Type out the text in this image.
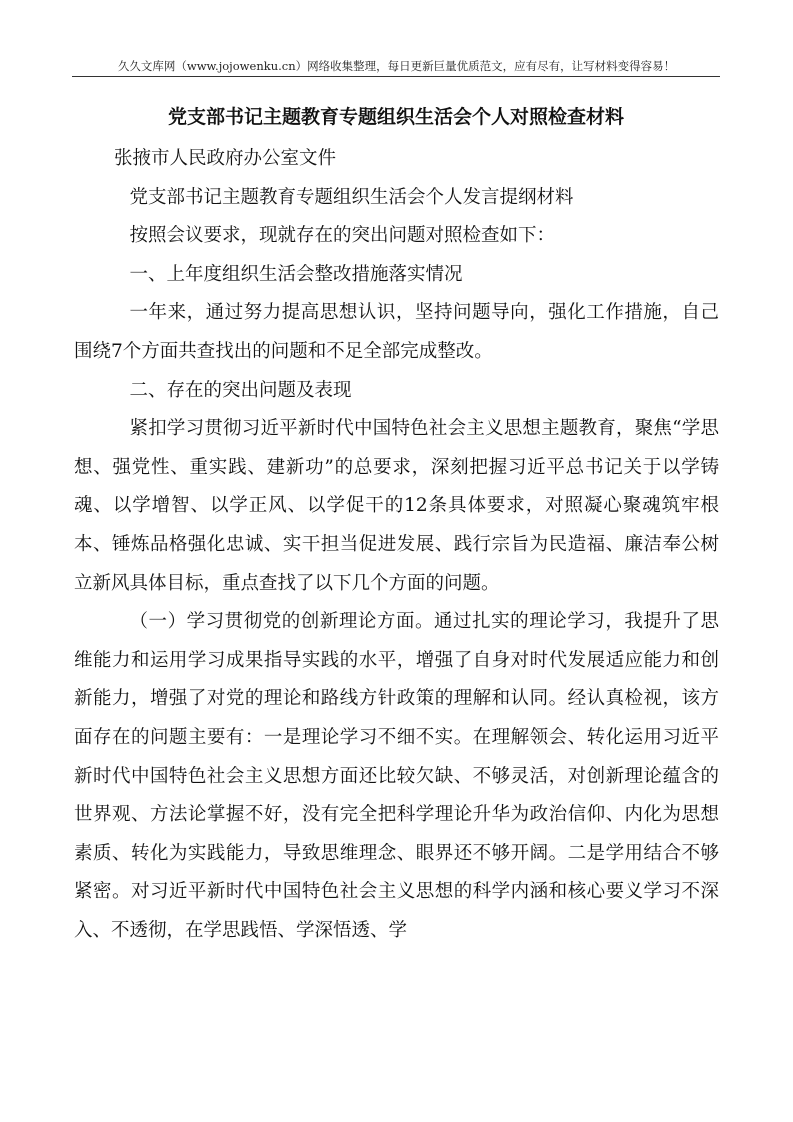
久久文库网（www.jojowenku.cn）网络收集整理，每日更新巨量优质范文，应有尽有，让写材料变得容易！
党支部书记主题教育专题组织生活会个人对照检查材料

张掖市人民政府办公室文件

党支部书记主题教育专题组织生活会个人发言提纲材料

按照会议要求，现就存在的突出问题对照检查如下：

一、上年度组织生活会整改措施落实情况

一年来，通过努力提高思想认识，坚持问题导向，强化工作措施，自己围绕7个方面共查找出的问题和不足全部完成整改。

二、存在的突出问题及表现

紧扣学习贯彻习近平新时代中国特色社会主义思想主题教育，聚焦“学思想、强党性、重实践、建新功”的总要求，深刻把握习近平总书记关于以学铸魂、以学增智、以学正风、以学促干的12条具体要求，对照凝心聚魂筑牢根本、锤炼品格强化忠诚、实干担当促进发展、践行宗旨为民造福、廉洁奉公树立新风具体目标，重点查找了以下几个方面的问题。

（一）学习贯彻党的创新理论方面。通过扎实的理论学习，我提升了思维能力和运用学习成果指导实践的水平，增强了自身对时代发展适应能力和创新能力，增强了对党的理论和路线方针政策的理解和认同。经认真检视，该方面存在的问题主要有：一是理论学习不细不实。在理解领会、转化运用习近平新时代中国特色社会主义思想方面还比较欠缺、不够灵活，对创新理论蕴含的世界观、方法论掌握不好，没有完全把科学理论升华为政治信仰、内化为思想素质、转化为实践能力，导致思维理念、眼界还不够开阔。二是学用结合不够紧密。对习近平新时代中国特色社会主义思想的科学内涵和核心要义学习不深入、不透彻，在学思践悟、学深悟透、学
